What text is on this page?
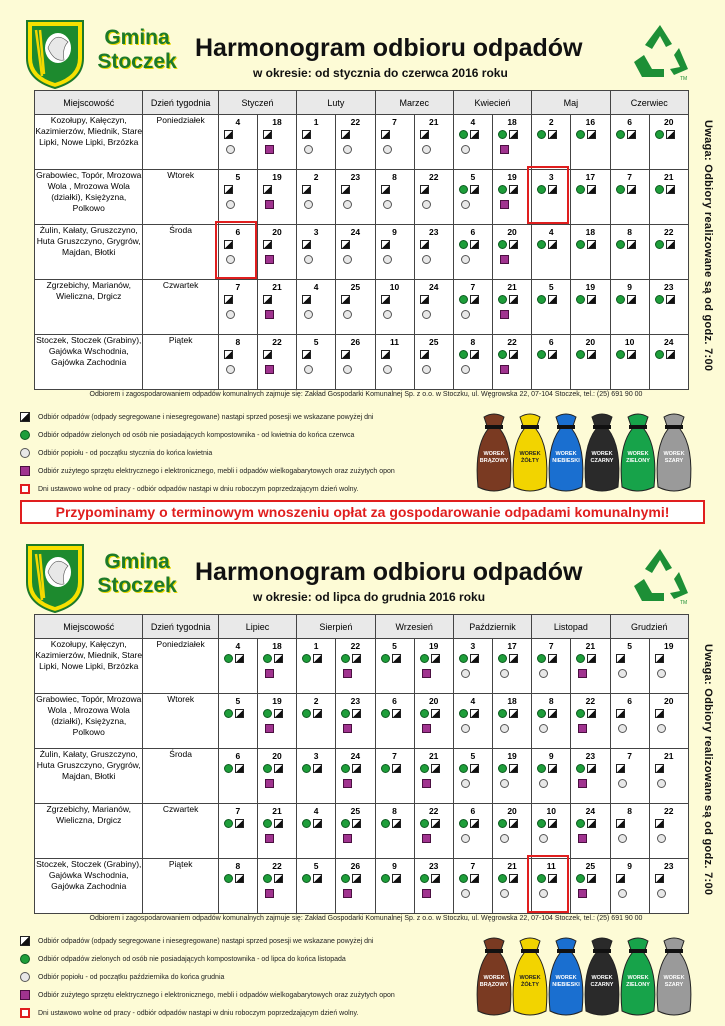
Gmina
Stoczek Harmonogram odbioru odpadów
w okresie: od stycznia do czerwca 2016 roku	TM
Miejscowość	Dzień tygodnia	Styczeń		Luty		Marzec		Kwiecień		Maj		Czerwiec	
Kozołupy, Kałęczyn, Kazimierzów, Miednik, Stare Lipki, Nowe Lipki, Brzózka	Poniedziałek	4	18	1	22	7	21	4	18	2	16	6	20

Grabowiec, Topór, Mrozowa Wola , Mrozowa Wola (działki), Księżyzna, Polkowo	Wtorek	5	19	2	23	8	22	5	19	3	17	7	21

Żulin, Kałaty, Gruszczyno, Huta Gruszczyno, Grygrów, Majdan, Błotki	Środa	6	20	3	24	9	23	6	20	4	18	8	22

Zgrzebichy, Marianów, Wieliczna, Drgicz	Czwartek	7	21	4	25	10	24	7	21	5	19	9	23

Stoczek, Stoczek (Grabiny), Gajówka Wschodnia, Gajówka Zachodnia	Piątek	8	22	5	26	11	25	8	22	6	20	10	24	Uwaga: Odbiory realizowane są od godz. 7:00
Odbiorem i zagospodarowaniem odpadów komunalnych zajmuje się: Zakład Gospodarki Komunalnej Sp. z o.o. w Stoczku, ul. Węgrowska 22, 07-104 Stoczek, tel.: (25) 691 90 00
Odbiór odpadów (odpady segregowane i niesegregowane) nastąpi sprzed posesji we wskazane powyżej dni
Odbiór odpadów zielonych od osób nie posiadających kompostownika - od kwietnia do końca czerwca
Odbiór popiołu - od początku stycznia do końca kwietnia
Odbiór zużytego sprzętu elektrycznego i elektronicznego, mebli i odpadów wielkogabarytowych oraz zużytych opon
Dni ustawowo wolne od pracy - odbiór odpadów nastąpi w dniu roboczym poprzedzającym dzień wolny.
WOREK BRĄZOWY
WOREK ŻÓŁTY
WOREK NIEBIESKI
WOREK CZARNY
WOREK ZIELONY
WOREK SZARY
Gmina
Stoczek Harmonogram odbioru odpadów
w okresie: od lipca do grudnia 2016 roku	TM
Miejscowość	Dzień tygodnia	Lipiec		Sierpień		Wrzesień		Październik		Listopad		Grudzień	
Kozołupy, Kałęczyn, Kazimierzów, Miednik, Stare Lipki, Nowe Lipki, Brzózka	Poniedziałek	4	18	1	22	5	19	3	17	7	21	5	19

Grabowiec, Topór, Mrozowa Wola , Mrozowa Wola (działki), Księżyzna, Polkowo	Wtorek	5	19	2	23	6	20	4	18	8	22	6	20

Żulin, Kałaty, Gruszczyno, Huta Gruszczyno, Grygrów, Majdan, Błotki	Środa	6	20	3	24	7	21	5	19	9	23	7	21

Zgrzebichy, Marianów, Wieliczna, Drgicz	Czwartek	7	21	4	25	8	22	6	20	10	24	8	22

Stoczek, Stoczek (Grabiny), Gajówka Wschodnia, Gajówka Zachodnia	Piątek	8	22	5	26	9	23	7	21	11	25	9	23	Uwaga: Odbiory realizowane są od godz. 7:00
Odbiorem i zagospodarowaniem odpadów komunalnych zajmuje się: Zakład Gospodarki Komunalnej Sp. z o.o. w Stoczku, ul. Węgrowska 22, 07-104 Stoczek, tel.: (25) 691 90 00
Odbiór odpadów (odpady segregowane i niesegregowane) nastąpi sprzed posesji we wskazane powyżej dni
Odbiór odpadów zielonych od osób nie posiadających kompostownika - od lipca do końca listopada
Odbiór popiołu - od początku października do końca grudnia
Odbiór zużytego sprzętu elektrycznego i elektronicznego, mebli i odpadów wielkogabarytowych oraz zużytych opon
Dni ustawowo wolne od pracy - odbiór odpadów nastąpi w dniu roboczym poprzedzającym dzień wolny.
WOREK BRĄZOWY
WOREK ŻÓŁTY
WOREK NIEBIESKI
WOREK CZARNY
WOREK ZIELONY
WOREK SZARY
Przypominamy o terminowym wnoszeniu opłat za gospodarowanie odpadami komunalnymi!
